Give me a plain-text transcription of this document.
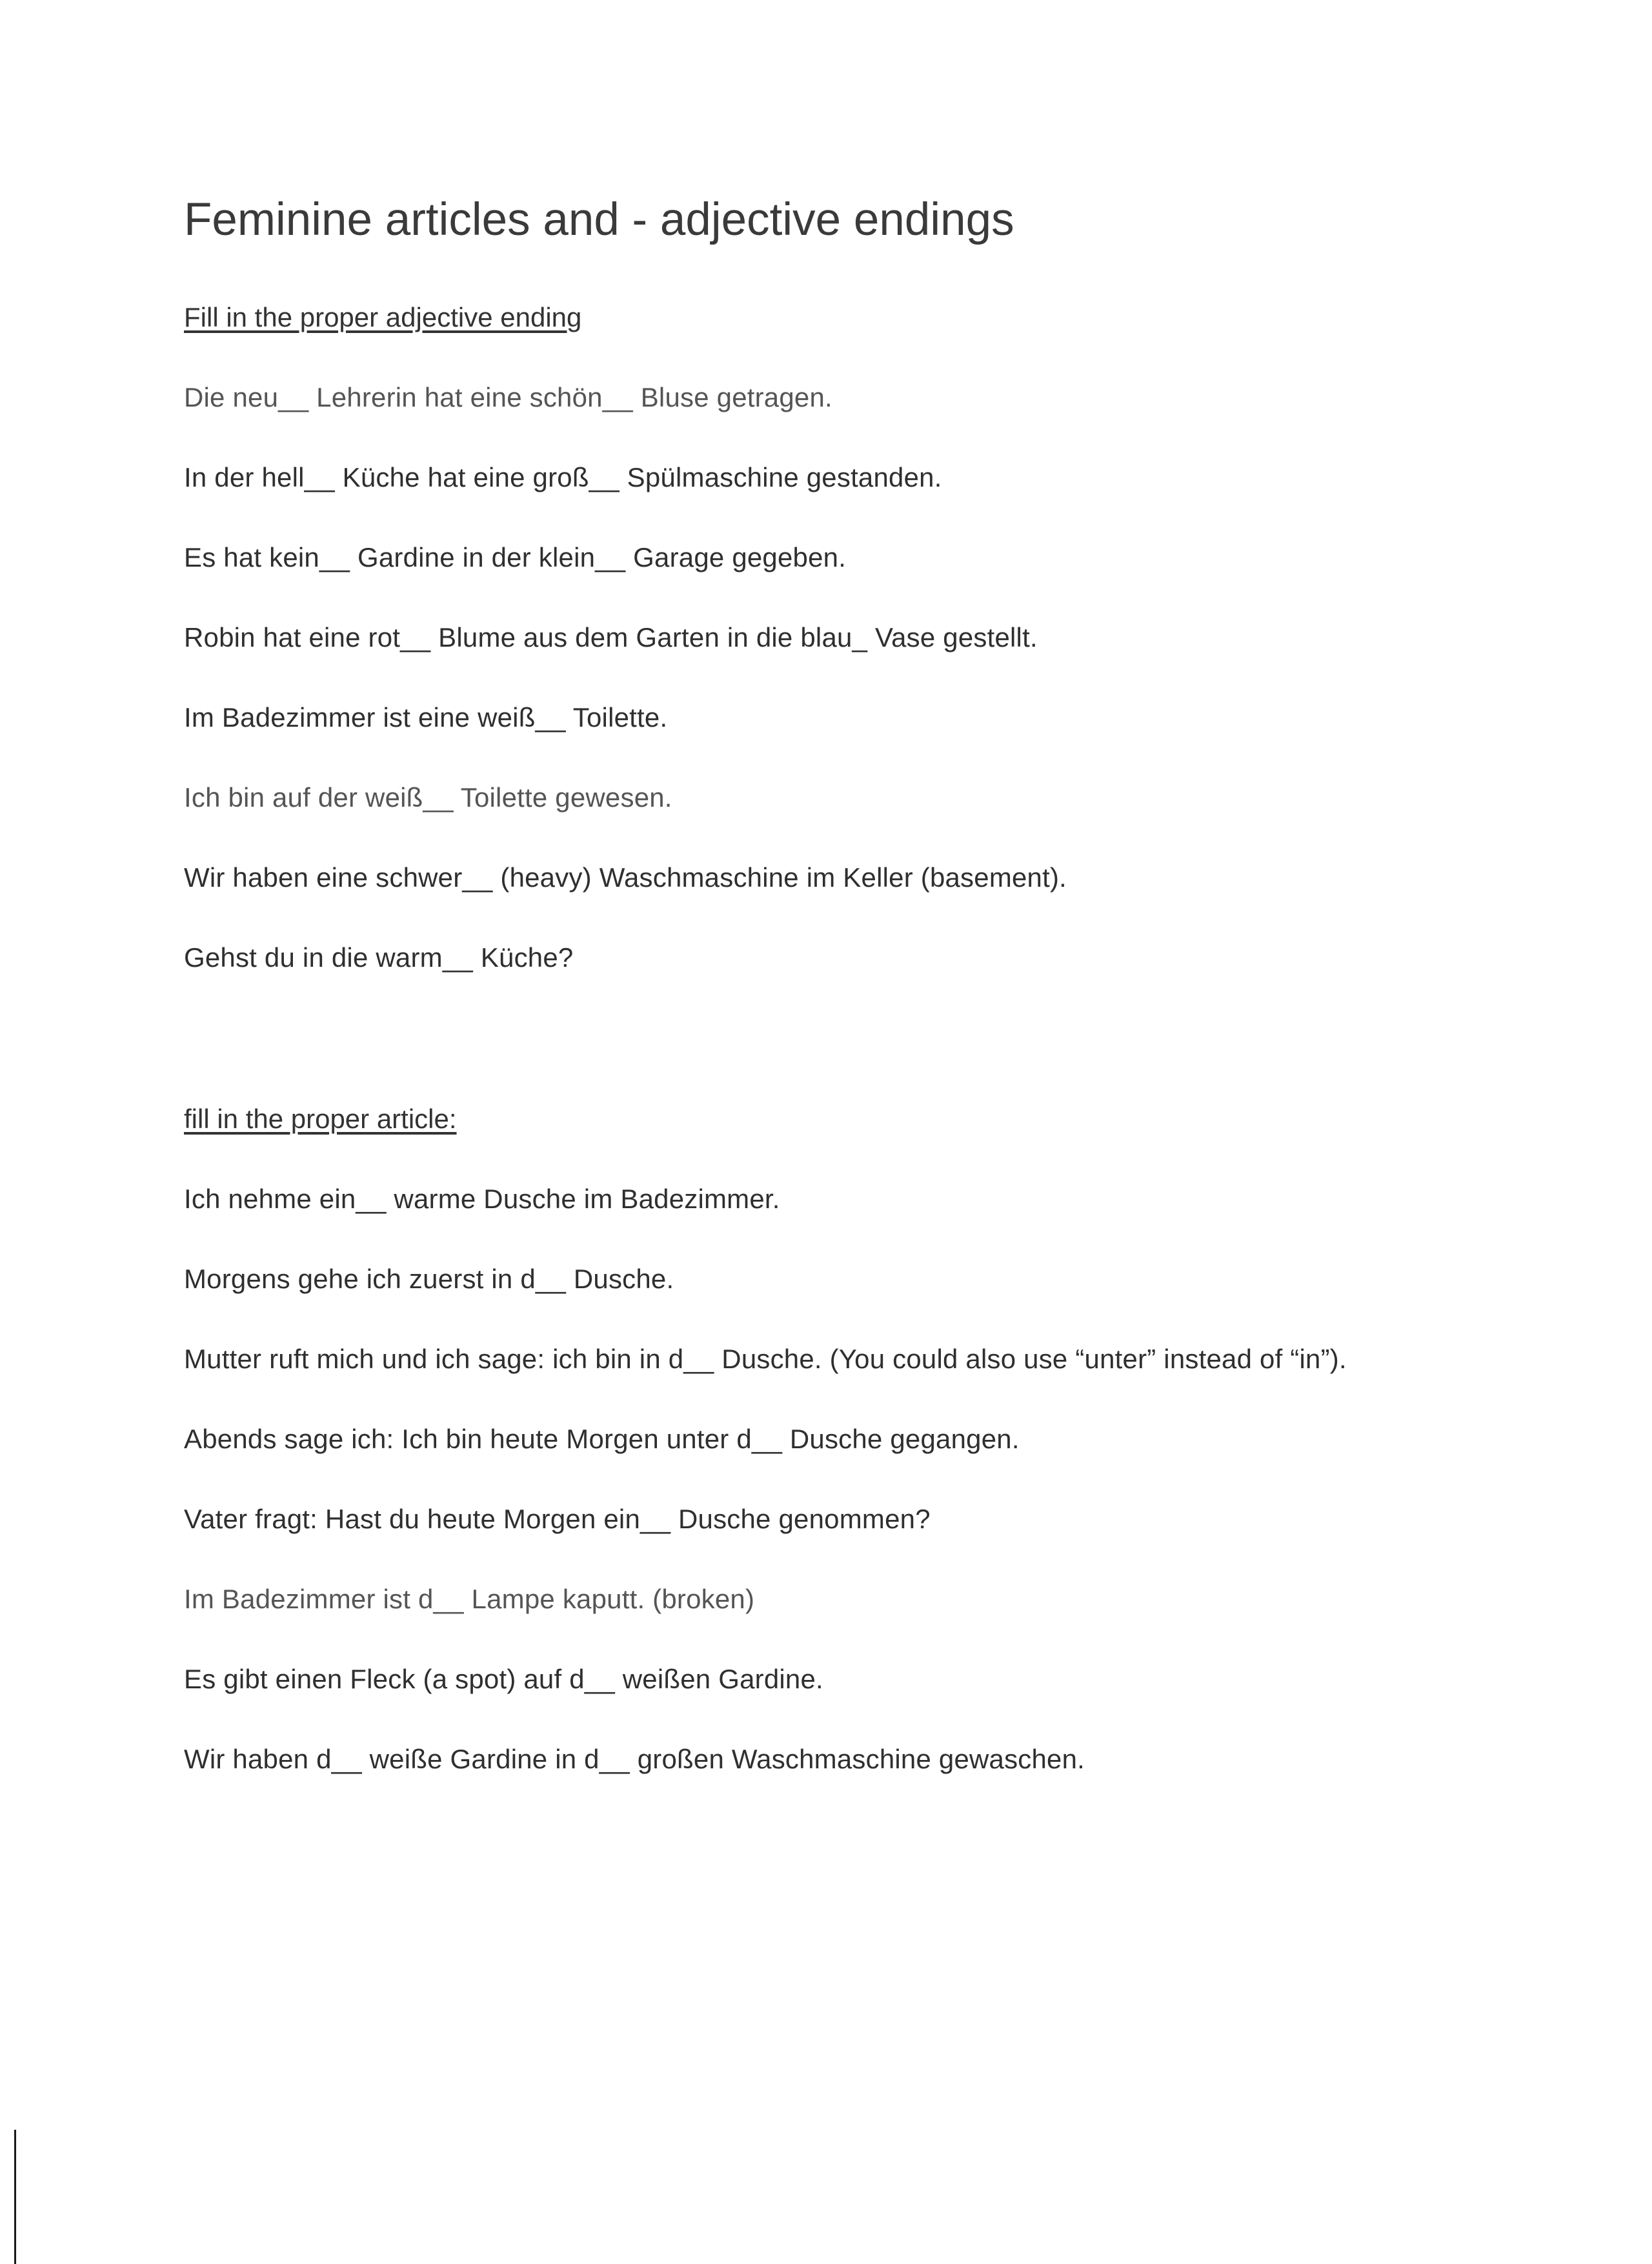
Feminine articles and - adjective endings

Fill in the proper adjective ending

Die neu__ Lehrerin hat eine schön__ Bluse getragen.

In der hell__ Küche hat eine groß__ Spülmaschine gestanden.

Es hat kein__ Gardine in der klein__ Garage gegeben.

Robin hat eine rot__ Blume aus dem Garten in die blau_ Vase gestellt.

Im Badezimmer ist eine weiß__ Toilette.

Ich bin auf der weiß__ Toilette gewesen.

Wir haben eine schwer__ (heavy) Waschmaschine im Keller (basement).

Gehst du in die warm__ Küche?

fill in the proper article:

Ich nehme ein__ warme Dusche im Badezimmer.

Morgens gehe ich zuerst in d__ Dusche.

Mutter ruft mich und ich sage: ich bin in d__ Dusche. (You could also use “unter” instead of “in”).

Abends sage ich: Ich bin heute Morgen unter d__ Dusche gegangen.

Vater fragt: Hast du heute Morgen ein__ Dusche genommen?

Im Badezimmer ist d__ Lampe kaputt. (broken)

Es gibt einen Fleck (a spot) auf d__ weißen Gardine.

Wir haben d__ weiße Gardine in d__ großen Waschmaschine gewaschen.
